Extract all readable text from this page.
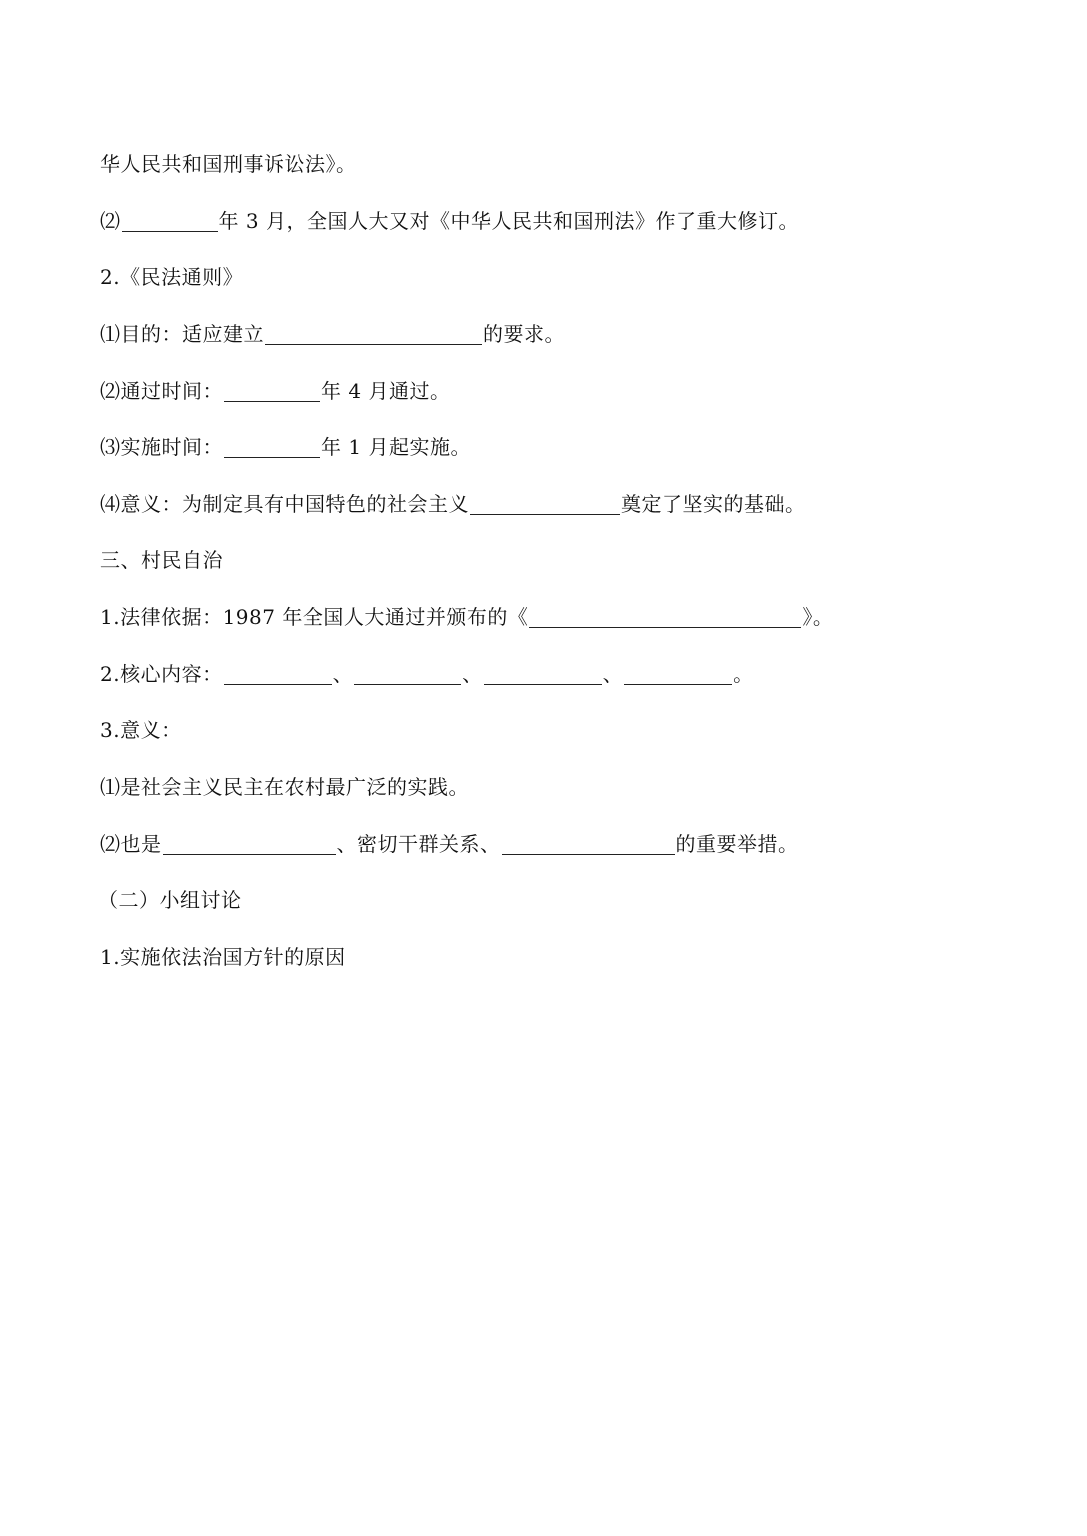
华人民共和国刑事诉讼法》。
⑵	年 3 月，全国人大又对《中华人民共和国刑法》作了重大修订。
2.《民法通则》
⑴目的：适应建立	的要求。
⑵通过时间：	年 4 月通过。
⑶实施时间：	年 1 月起实施。
⑷意义：为制定具有中国特色的社会主义	奠定了坚实的基础。
三、村民自治
1.法律依据：1987 年全国人大通过并颁布的《	》。
2.核心内容：	、	、	、	。
3.意义：
⑴是社会主义民主在农村最广泛的实践。
⑵也是	、密切干群关系、	的重要举措。
（二）小组讨论
1.实施依法治国方针的原因
